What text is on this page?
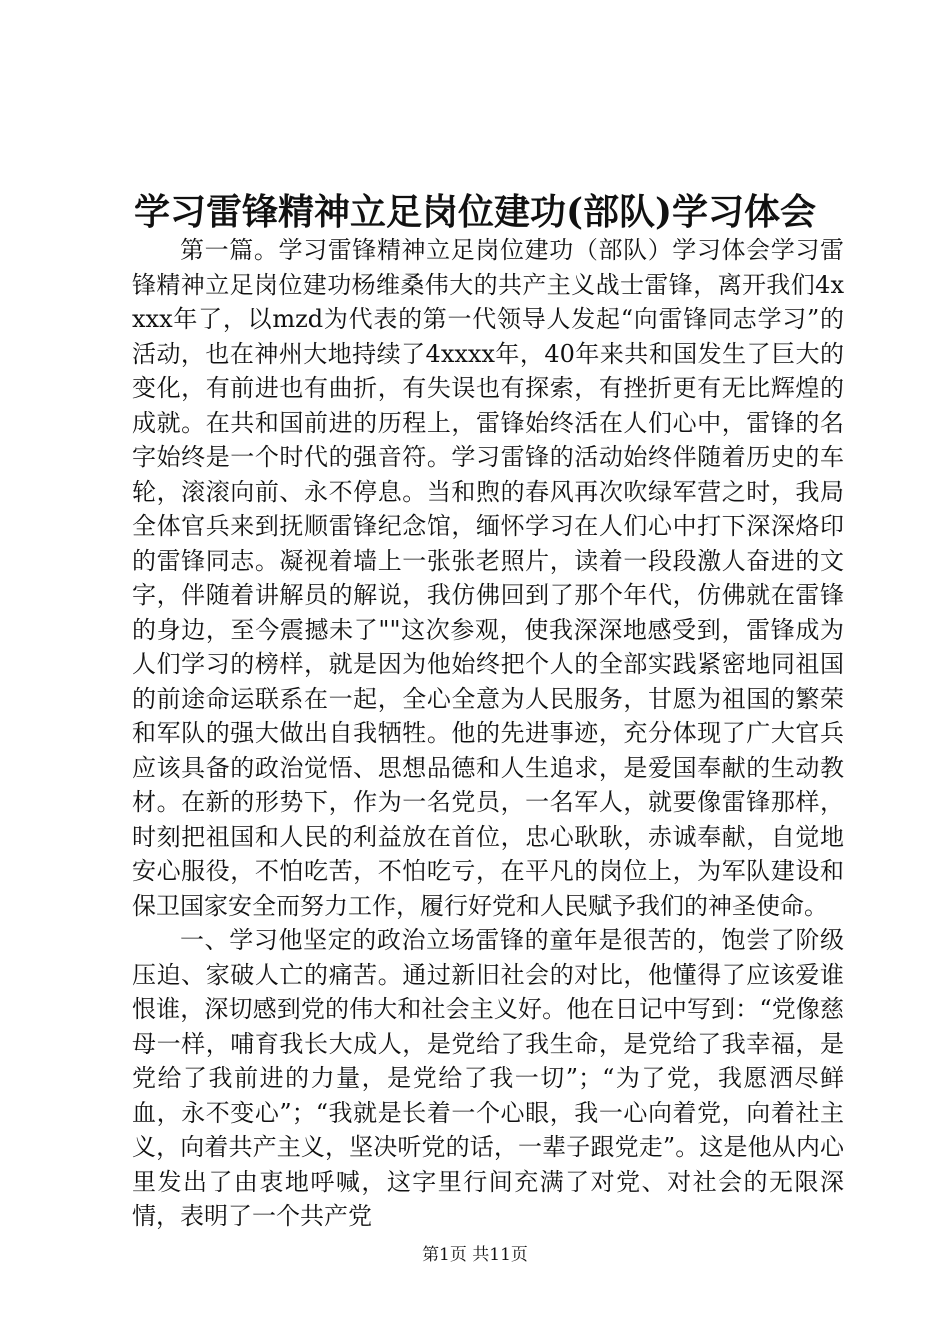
学习雷锋精神立足岗位建功(部队)学习体会

第一篇。学习雷锋精神立足岗位建功（部队）学习体会学习雷锋精神立足岗位建功杨维桑伟大的共产主义战士雷锋，离开我们4xxxx年了，以mzd为代表的第一代领导人发起“向雷锋同志学习”的活动，也在神州大地持续了4xxxx年，40年来共和国发生了巨大的变化，有前进也有曲折，有失误也有探索，有挫折更有无比辉煌的成就。在共和国前进的历程上，雷锋始终活在人们心中，雷锋的名字始终是一个时代的强音符。学习雷锋的活动始终伴随着历史的车轮，滚滚向前、永不停息。当和煦的春风再次吹绿军营之时，我局全体官兵来到抚顺雷锋纪念馆，缅怀学习在人们心中打下深深烙印的雷锋同志。凝视着墙上一张张老照片，读着一段段激人奋进的文字，伴随着讲解员的解说，我仿佛回到了那个年代，仿佛就在雷锋的身边，至今震撼未了""这次参观，使我深深地感受到，雷锋成为人们学习的榜样，就是因为他始终把个人的全部实践紧密地同祖国的前途命运联系在一起，全心全意为人民服务，甘愿为祖国的繁荣和军队的强大做出自我牺牲。他的先进事迹，充分体现了广大官兵应该具备的政治觉悟、思想品德和人生追求，是爱国奉献的生动教材。在新的形势下，作为一名党员，一名军人，就要像雷锋那样，时刻把祖国和人民的利益放在首位，忠心耿耿，赤诚奉献，自觉地安心服役，不怕吃苦，不怕吃亏，在平凡的岗位上，为军队建设和保卫国家安全而努力工作，履行好党和人民赋予我们的神圣使命。

一、学习他坚定的政治立场雷锋的童年是很苦的，饱尝了阶级压迫、家破人亡的痛苦。通过新旧社会的对比，他懂得了应该爱谁恨谁，深切感到党的伟大和社会主义好。他在日记中写到：“党像慈母一样，哺育我长大成人，是党给了我生命，是党给了我幸福，是党给了我前进的力量，是党给了我一切”；“为了党，我愿洒尽鲜血，永不变心”；“我就是长着一个心眼，我一心向着党，向着社主义，向着共产主义，坚决听党的话，一辈子跟党走”。这是他从内心里发出了由衷地呼喊，这字里行间充满了对党、对社会的无限深情，表明了一个共产党

第1页 共11页
